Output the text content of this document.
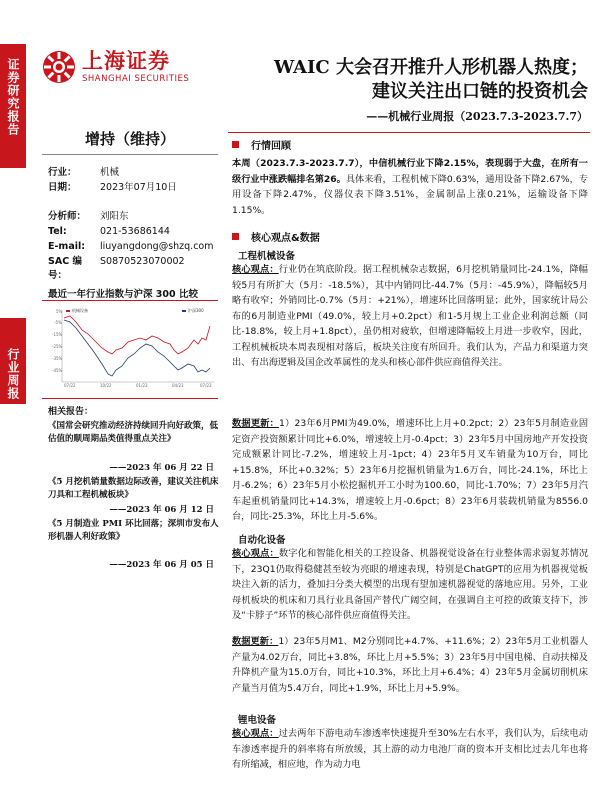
证券研究报告
行业周报
上海证券
SHANGHAI SECURITIES
WAIC 大会召开推升人形机器人热度；
建议关注出口链的投资机会
——机械行业周报（2023.7.3-2023.7.7）
增持（维持）
行业：	机械
日期：	2023年07月10日
分析师：	刘阳东
Tel:	021-53686144
E-mail:	liuyangdong@shzq.com
SAC 编号：
S0870523070002
最近一年行业指数与沪深 300 比较
5%
-5%
-15%
-25%
-35%
-45%
机械设备	沪深300
07/22	10/22	01/23	04/23	07/23
相关报告：
《国常会研究推动经济持续回升向好政策，低估值的顺周期品类值得重点关注》
——2023 年 06 月 22 日
《5 月挖机销量数据边际改善，建议关注机床刀具和工程机械板块》
——2023 年 06 月 12 日
《5 月制造业 PMI 环比回落；深圳市发布人形机器人利好政策》
——2023 年 06 月 05 日
行情回顾
本周（2023.7.3-2023.7.7），中信机械行业下降2.15%，表现弱于大盘，在所有一级行业中涨跌幅排名第26。具体来看，工程机械下降0.63%，通用设备下降2.67%，专用设备下降2.47%，仪器仪表下降3.51%，金属制品上涨0.21%，运输设备下降1.15%。
核心观点&数据
工程机械设备
核心观点：行业仍在筑底阶段。据工程机械杂志数据，6月挖机销量同比-24.1%，降幅较5月有所扩大（5月：-18.5%），其中内销同比-44.7%（5月：-45.9%），降幅较5月略有收窄；外销同比-0.7%（5月：+21%），增速环比回落明显；此外，国家统计局公布的6月制造业PMI（49.0%，较上月+0.2pct）和1-5月规上工业企业利润总额（同比-18.8%，较上月+1.8pct），虽仍相对疲软，但增速降幅较上月进一步收窄，因此，工程机械板块本周表现相对落后，板块关注度有所回升。我们认为，产品力和渠道力突出、有出海逻辑及国企改革属性的龙头和核心部件供应商值得关注。
数据更新：1）23年6月PMI为49.0%，增速环比上月+0.2pct；2）23年5月制造业固定资产投资额累计同比+6.0%，增速较上月-0.4pct；3）23年5月中国房地产开发投资完成额累计同比-7.2%，增速较上月-1pct；4）23年5月叉车销量为10万台，同比+15.8%，环比+0.32%；5）23年6月挖掘机销量为1.6万台，同比-24.1%，环比上月-6.2%；6）23年5月小松挖掘机开工小时为100.60，同比-1.70%；7）23年5月汽车起重机销量同比+14.3%，增速较上月-0.6pct；8）23年6月装载机销量为8556.0台，同比-25.3%，环比上月-5.6%。
自动化设备
核心观点：数字化和智能化相关的工控设备、机器视觉设备在行业整体需求弱复苏情况下，23Q1仍取得稳健甚至较为亮眼的增速表现，特别是ChatGPT的应用为机器视觉板块注入新的活力，叠加扫分类大模型的出现有望加速机器视觉的落地应用。另外，工业母机板块的机床和刀具行业具备国产替代广阔空间，在强调自主可控的政策支持下，涉及“卡脖子”环节的核心部件供应商值得关注。
数据更新：1）23年5月M1、M2分别同比+4.7%、+11.6%；2）23年5月工业机器人产量为4.02万台，同比+3.8%，环比上月+5.5%；3）23年5月中国电梯、自动扶梯及升降机产量为15.0万台，同比+10.3%，环比上月+6.4%；4）23年5月金属切削机床产量当月值为5.4万台，同比+1.9%，环比上月+5.9%。
锂电设备
核心观点：过去两年下游电动车渗透率快速提升至30%左右水平，我们认为，后续电动车渗透率提升的斜率将有所放缓，其上游的动力电池厂商的资本开支相比过去几年也将有所缩减，相应地，作为动力电
